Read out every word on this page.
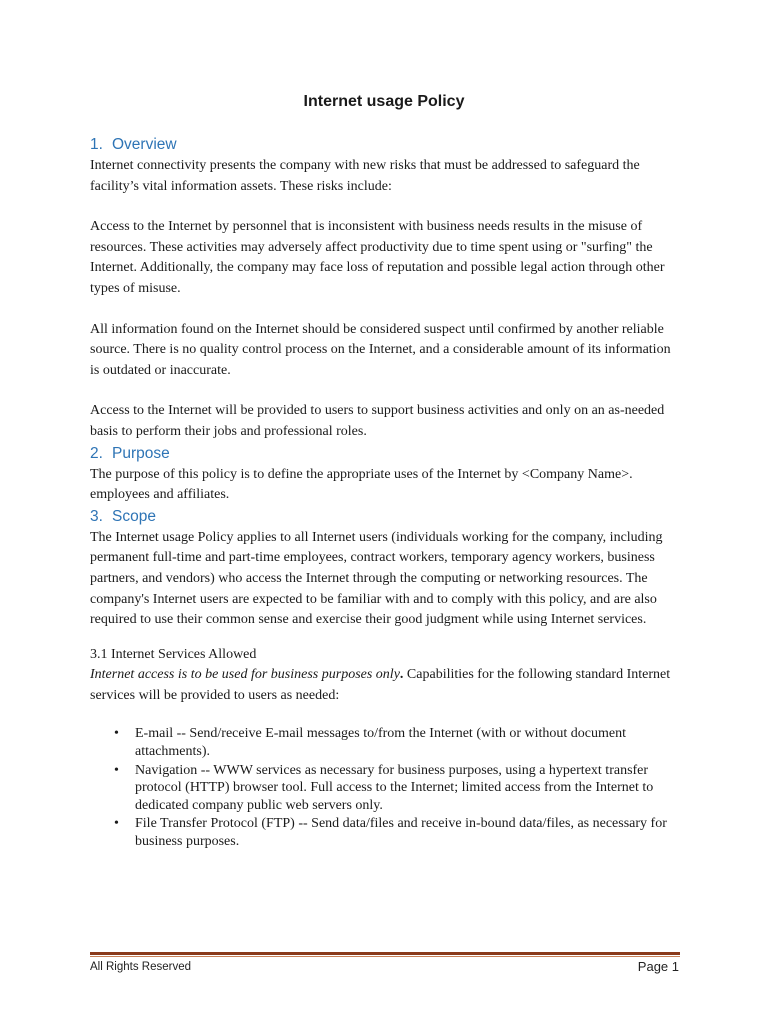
Internet usage Policy
1. Overview

Internet connectivity presents the company with new risks that must be addressed to safeguard the facility’s vital information assets. These risks include:

Access to the Internet by personnel that is inconsistent with business needs results in the misuse of resources. These activities may adversely affect productivity due to time spent using or "surfing" the Internet. Additionally, the company may face loss of reputation and possible legal action through other types of misuse.

All information found on the Internet should be considered suspect until confirmed by another reliable source. There is no quality control process on the Internet, and a considerable amount of its information is outdated or inaccurate.

Access to the Internet will be provided to users to support business activities and only on an as-needed basis to perform their jobs and professional roles.

2. Purpose

The purpose of this policy is to define the appropriate uses of the Internet by <Company Name>. employees and affiliates.

3. Scope

The Internet usage Policy applies to all Internet users (individuals working for the company, including permanent full-time and part-time employees, contract workers, temporary agency workers, business partners, and vendors) who access the Internet through the computing or networking resources. The company's Internet users are expected to be familiar with and to comply with this policy, and are also required to use their common sense and exercise their good judgment while using Internet services.

3.1 Internet Services Allowed

Internet access is to be used for business purposes only. Capabilities for the following standard Internet services will be provided to users as needed:

• E-mail -- Send/receive E-mail messages to/from the Internet (with or without document attachments).
• Navigation -- WWW services as necessary for business purposes, using a hypertext transfer protocol (HTTP) browser tool. Full access to the Internet; limited access from the Internet to dedicated company public web servers only.
• File Transfer Protocol (FTP) -- Send data/files and receive in-bound data/files, as necessary for business purposes.
All Rights Reserved	Page 1
